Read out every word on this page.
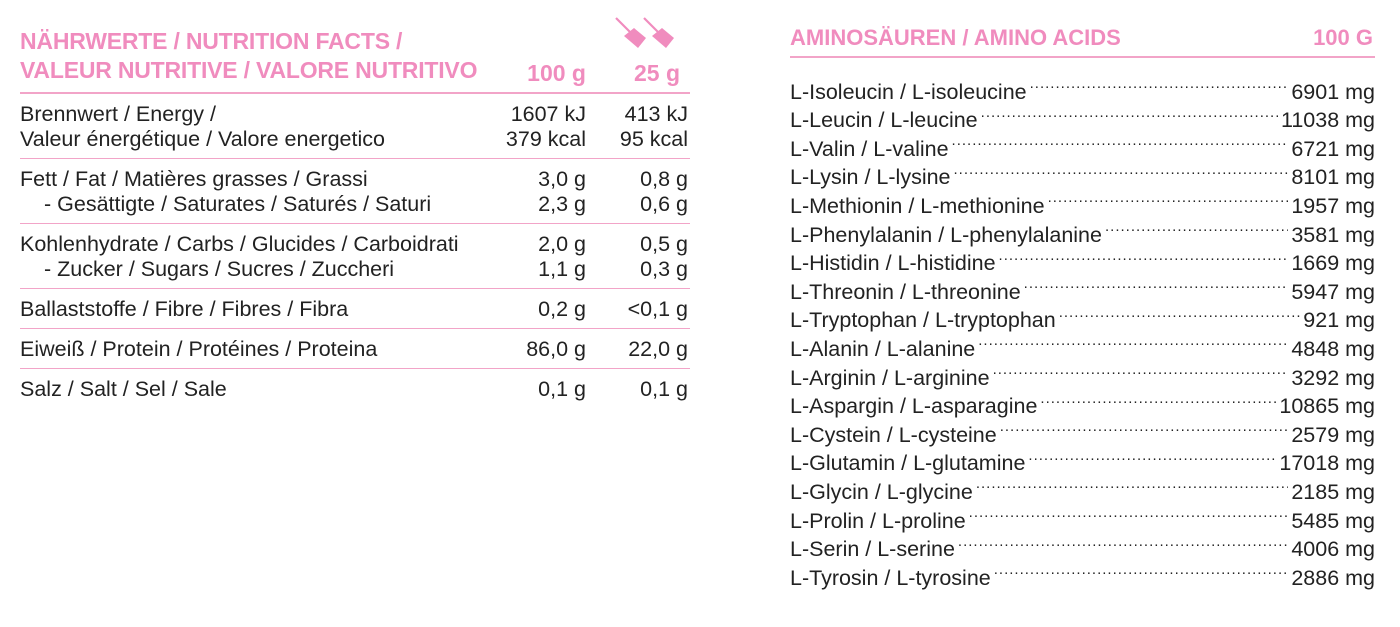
NÄHRWERTE / NUTRITION FACTS /
VALEUR NUTRITIVE / VALORE NUTRITIVO 100 g 25 g
Brennwert / Energy /	1607 kJ 413 kJ
Valeur énergétique / Valore energetico	379 kcal 95 kcal
Fett / Fat / Matières grasses / Grassi	3,0 g	0,8 g
- Gesättigte / Saturates / Saturés / Saturi	2,3 g	0,6 g
Kohlenhydrate / Carbs / Glucides / Carboidrati	2,0 g	0,5 g
- Zucker / Sugars / Sucres / Zuccheri	1,1 g	0,3 g
Ballaststoffe / Fibre / Fibres / Fibra	0,2 g <0,1 g
Eiweiß / Protein / Protéines / Proteina	86,0 g 22,0 g
Salz / Salt / Sel / Sale	0,1 g	0,1 g
AMINOSÄUREN / AMINO ACIDS	100 G
L-Isoleucin / L-isoleucine .....	6901 mg
L-Leucin / L-leucine .....	11038 mg
L-Valin / L-valine .....	6721 mg
L-Lysin / L-lysine .....	8101 mg
L-Methionin / L-methionine .....	1957 mg
L-Phenylalanin / L-phenylalanine .....	3581 mg
L-Histidin / L-histidine .....	1669 mg
L-Threonin / L-threonine .....	5947 mg
L-Tryptophan / L-tryptophan .....	921 mg
L-Alanin / L-alanine .....	4848 mg
L-Arginin / L-arginine .....	3292 mg
L-Aspargin / L-asparagine .....	10865 mg
L-Cystein / L-cysteine .....	2579 mg
L-Glutamin / L-glutamine .....	17018 mg
L-Glycin / L-glycine .....	2185 mg
L-Prolin / L-proline .....	5485 mg
L-Serin / L-serine .....	4006 mg
L-Tyrosin / L-tyrosine .....	2886 mg
